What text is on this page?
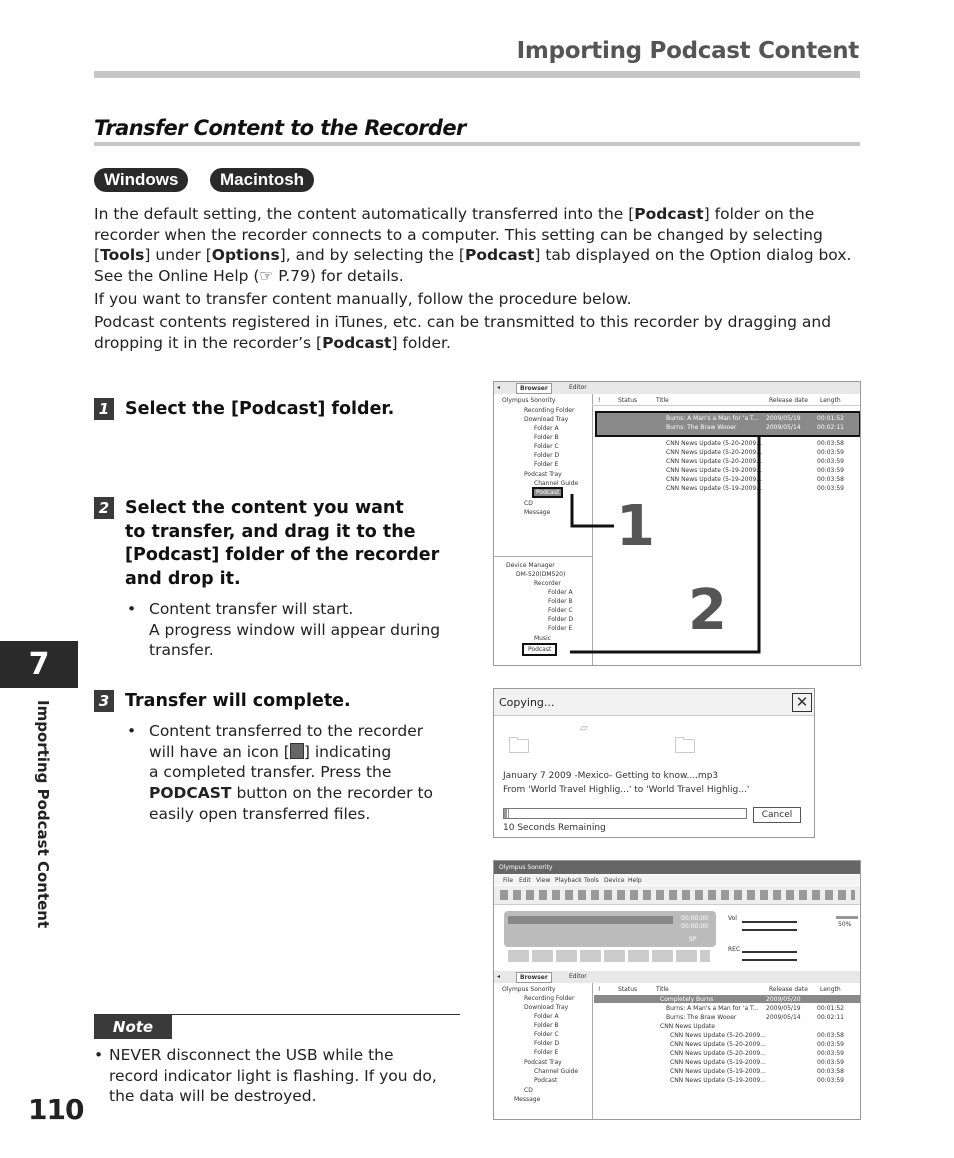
Importing Podcast Content
Transfer Content to the Recorder
Windows	Macintosh
In the default setting, the content automatically transferred into the [Podcast] folder on the recorder when the recorder connects to a computer. This setting can be changed by selecting [Tools] under [Options], and by selecting the [Podcast] tab displayed on the Option dialog box. See the Online Help (☞ P.79) for details.
If you want to transfer content manually, follow the procedure below.
Podcast contents registered in iTunes, etc. can be transmitted to this recorder by dragging and dropping it in the recorder’s [Podcast] folder.
1 Select the [Podcast] folder.
2 Select the content you want
to transfer, and drag it to the
[Podcast] folder of the recorder
and drop it.
• Content transfer will start.
A progress window will appear during
transfer.
3 Transfer will complete.
• Content transferred to the recorder
will have an icon [ ] indicating
a completed transfer. Press the
PODCAST button on the recorder to
easily open transferred files.
Note
• NEVER disconnect the USB while the
record indicator light is flashing. If you do,
the data will be destroyed.
7
Importing Podcast Content
110
◂	Browser	Editor
Olympus Sonority
Recording Folder
Download Tray
Folder A
Folder B
Folder C
Folder D
Folder E
Podcast Tray
Channel Guide
Podcast
CD
Message
Device Manager
DM-520(DM520)
Recorder
Folder A
Folder B
Folder C
Folder D
Folder E
Music
Podcast
!	Status	Title	Release date Length
Burns: A Man's a Man for 'a T... 2009/05/19	00:01:52
Burns: The Braw Wooer	2009/05/14	00:02:11
CNN News Update (5-20-2009...	00:03:58
CNN News Update (5-20-2009...	00:03:59
CNN News Update (5-20-2009...	00:03:59
CNN News Update (5-19-2009...	00:03:59
CNN News Update (5-19-2009...	00:03:58
CNN News Update (5-19-2009...	00:03:59
1
2
Copying...	✕
🗀
▱
🗀
January 7 2009 -Mexico- Getting to know....mp3
From 'World Travel Highlig...' to 'World Travel Highlig...'
Cancel
10 Seconds Remaining
Olympus Sonority
File Edit View Playback Tools Device Help
00:00:00
00:00:00
SP
Vol
REC
50%
◂	Browser	Editor
Olympus Sonority
Recording Folder
Download Tray
Folder A
Folder B
Folder C
Folder D
Folder E
Podcast Tray
Channel Guide
Podcast
CD
Message
!	Status	Title	Release date Length
Completely Burns	2009/05/20
Burns: A Man's a Man for 'a T... 2009/05/19	00:01:52
Burns: The Braw Wooer	2009/05/14	00:02:11
CNN News Update
CNN News Update (5-20-2009...	00:03:58
CNN News Update (5-20-2009...	00:03:59
CNN News Update (5-20-2009...	00:03:59
CNN News Update (5-19-2009...	00:03:59
CNN News Update (5-19-2009...	00:03:58
CNN News Update (5-19-2009...	00:03:59
